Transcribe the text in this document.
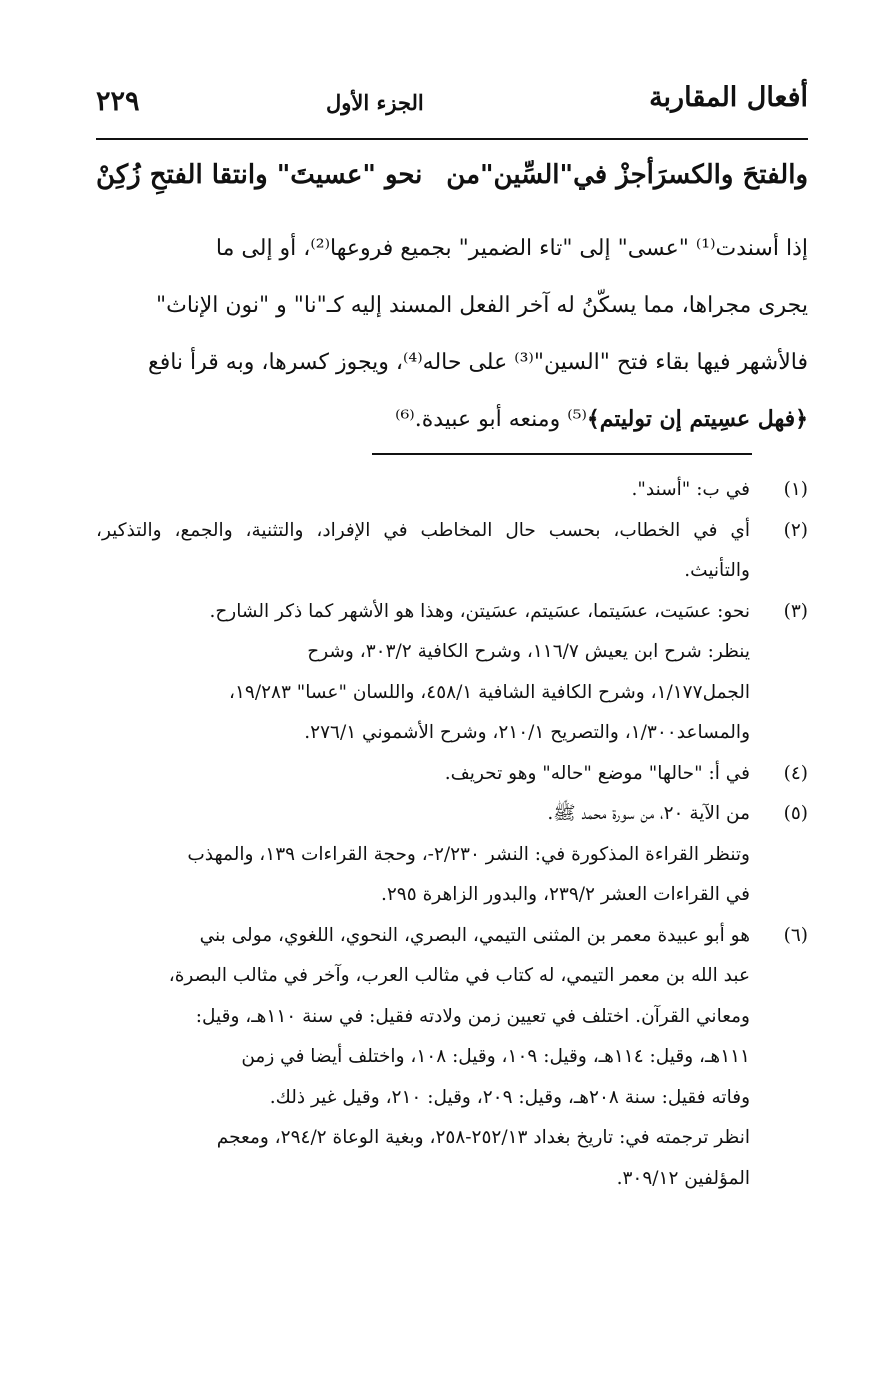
أفعال المقاربة
الجزء الأول
٢٢٩
والفتحَ والكسرَأجزْ في"السِّين"من
نحو "عسيتَ" وانتقا الفتحِ زُكِنْ

إذا أسندت⁽¹⁾ "عسى" إلى "تاء الضمير" بجميع فروعها⁽²⁾، أو إلى ما

يجرى مجراها، مما يسكّنُ له آخر الفعل المسند إليه كـ"نا" و "نون الإناث"

فالأشهر فيها بقاء فتح "السين"⁽³⁾ على حاله⁽⁴⁾، ويجوز كسرها، وبه قرأ نافع

﴿فهل عسِيتم إن توليتم﴾⁽⁵⁾ ومنعه أبو عبيدة.⁽⁶⁾

(١)
في ب: "أسند".
(٢)
أي في الخطاب، بحسب حال المخاطب في الإفراد، والتثنية، والجمع، والتذكير، والتأنيث.
(٣)
نحو: عسَيت، عسَيتما، عسَيتم، عسَيتن، وهذا هو الأشهر كما ذكر الشارح.
ينظر: شرح ابن يعيش ١١٦/٧، وشرح الكافية ٣٠٣/٢، وشرح
الجمل١/١٧٧، وشرح الكافية الشافية ٤٥٨/١، واللسان "عسا" ١٩/٢٨٣،
والمساعد١/٣٠٠، والتصريح ٢١٠/١، وشرح الأشموني ٢٧٦/١.
(٤)
في أ: "حالها" موضع "حاله" وهو تحريف.
(٥)
من الآية ٢٠، من سورة محمد ﷺ.
وتنظر القراءة المذكورة في: النشر ٢/٢٣٠-، وحجة القراءات ١٣٩، والمهذب
في القراءات العشر ٢٣٩/٢، والبدور الزاهرة ٢٩٥.
(٦)
هو أبو عبيدة معمر بن المثنى التيمي، البصري، النحوي، اللغوي، مولى بني
عبد الله بن معمر التيمي، له كتاب في مثالب العرب، وآخر في مثالب البصرة،
ومعاني القرآن. اختلف في تعيين زمن ولادته فقيل: في سنة ١١٠هـ، وقيل:
١١١هـ، وقيل: ١١٤هـ، وقيل: ١٠٩، وقيل: ١٠٨، واختلف أيضا في زمن
وفاته فقيل: سنة ٢٠٨هـ، وقيل: ٢٠٩، وقيل: ٢١٠، وقيل غير ذلك.
انظر ترجمته في: تاريخ بغداد ٢٥٢/١٣-٢٥٨، وبغية الوعاة ٢٩٤/٢، ومعجم
المؤلفين ٣٠٩/١٢.
